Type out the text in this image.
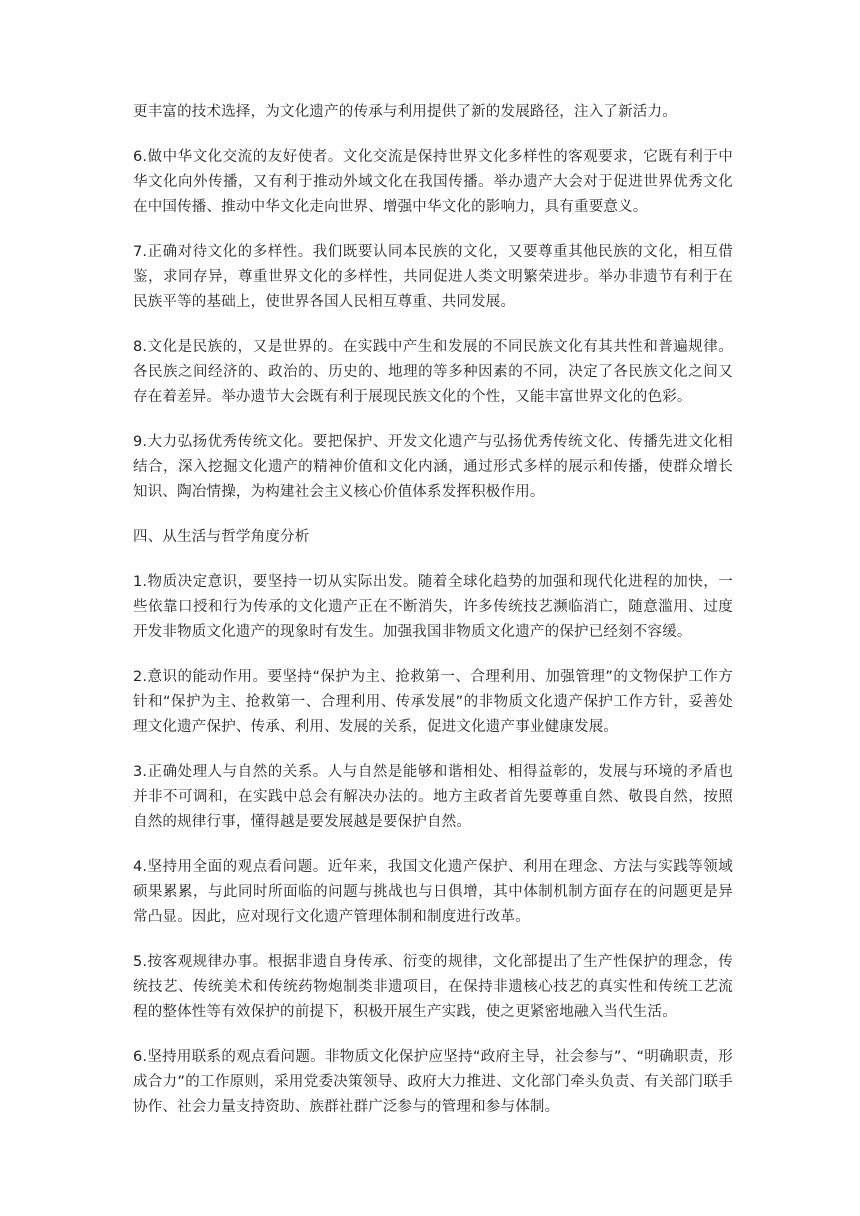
更丰富的技术选择，为文化遗产的传承与利用提供了新的发展路径，注入了新活力。

6.做中华文化交流的友好使者。文化交流是保持世界文化多样性的客观要求，它既有利于中华文化向外传播，又有利于推动外域文化在我国传播。举办遗产大会对于促进世界优秀文化在中国传播、推动中华文化走向世界、增强中华文化的影响力，具有重要意义。

7.正确对待文化的多样性。我们既要认同本民族的文化，又要尊重其他民族的文化，相互借鉴，求同存异，尊重世界文化的多样性，共同促进人类文明繁荣进步。举办非遗节有利于在民族平等的基础上，使世界各国人民相互尊重、共同发展。

8.文化是民族的，又是世界的。在实践中产生和发展的不同民族文化有其共性和普遍规律。各民族之间经济的、政治的、历史的、地理的等多种因素的不同，决定了各民族文化之间又存在着差异。举办遗节大会既有利于展现民族文化的个性，又能丰富世界文化的色彩。

9.大力弘扬优秀传统文化。要把保护、开发文化遗产与弘扬优秀传统文化、传播先进文化相结合，深入挖掘文化遗产的精神价值和文化内涵，通过形式多样的展示和传播，使群众增长知识、陶冶情操，为构建社会主义核心价值体系发挥积极作用。

四、从生活与哲学角度分析

1.物质决定意识，要坚持一切从实际出发。随着全球化趋势的加强和现代化进程的加快，一些依靠口授和行为传承的文化遗产正在不断消失，许多传统技艺濒临消亡，随意滥用、过度开发非物质文化遗产的现象时有发生。加强我国非物质文化遗产的保护已经刻不容缓。

2.意识的能动作用。要坚持“保护为主、抢救第一、合理利用、加强管理”的文物保护工作方针和“保护为主、抢救第一、合理利用、传承发展”的非物质文化遗产保护工作方针，妥善处理文化遗产保护、传承、利用、发展的关系，促进文化遗产事业健康发展。

3.正确处理人与自然的关系。人与自然是能够和谐相处、相得益彰的，发展与环境的矛盾也并非不可调和，在实践中总会有解决办法的。地方主政者首先要尊重自然、敬畏自然，按照自然的规律行事，懂得越是要发展越是要保护自然。

4.坚持用全面的观点看问题。近年来，我国文化遗产保护、利用在理念、方法与实践等领域硕果累累，与此同时所面临的问题与挑战也与日俱增，其中体制机制方面存在的问题更是异常凸显。因此，应对现行文化遗产管理体制和制度进行改革。

5.按客观规律办事。根据非遗自身传承、衍变的规律，文化部提出了生产性保护的理念，传统技艺、传统美术和传统药物炮制类非遗项目，在保持非遗核心技艺的真实性和传统工艺流程的整体性等有效保护的前提下，积极开展生产实践，使之更紧密地融入当代生活。

6.坚持用联系的观点看问题。非物质文化保护应坚持“政府主导，社会参与”、“明确职责，形成合力”的工作原则，采用党委决策领导、政府大力推进、文化部门牵头负责、有关部门联手协作、社会力量支持资助、族群社群广泛参与的管理和参与体制。
